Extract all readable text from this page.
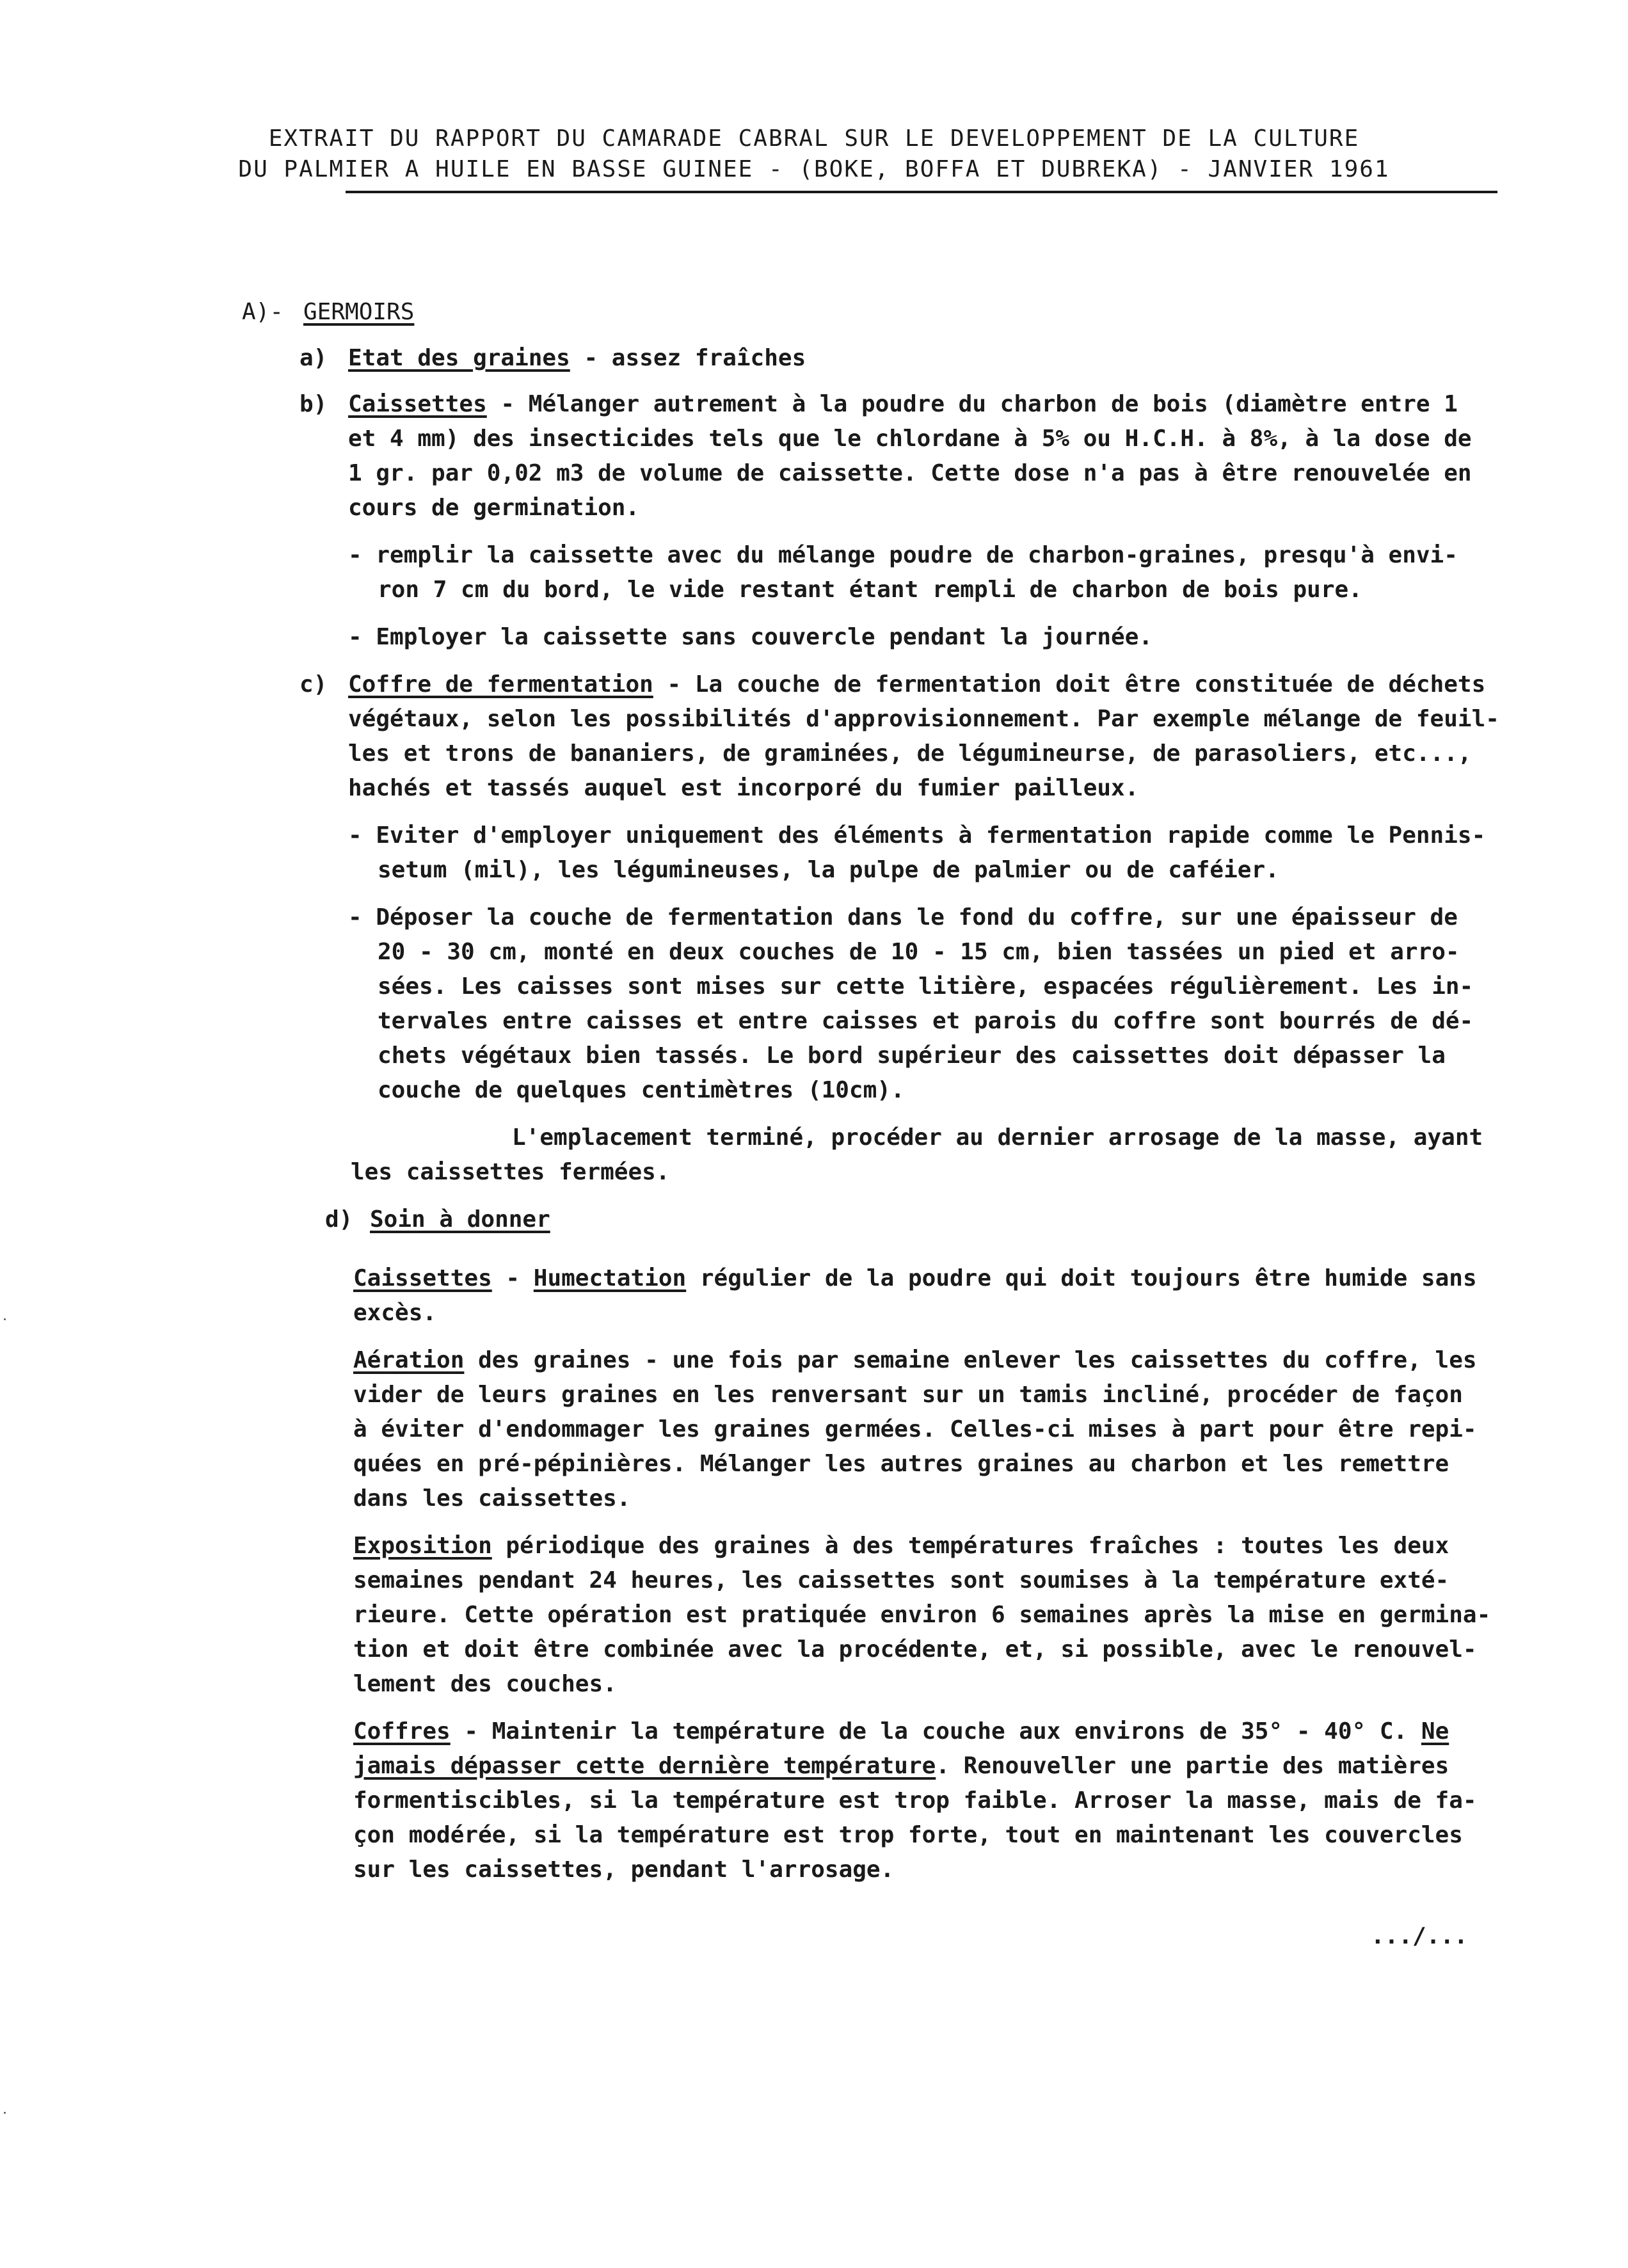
EXTRAIT DU RAPPORT DU CAMARADE CABRAL SUR LE DEVELOPPEMENT DE LA CULTURE
DU PALMIER A HUILE EN BASSE GUINEE - (BOKE, BOFFA ET DUBREKA) - JANVIER 1961
A)- GERMOIRS
a) Etat des graines - assez fraîches
b) Caissettes - Mélanger autrement à la poudre du charbon de bois (diamètre entre 1
et 4 mm) des insecticides tels que le chlordane à 5% ou H.C.H. à 8%, à la dose de
1 gr. par 0,02 m3 de volume de caissette. Cette dose n'a pas à être renouvelée en
cours de germination.
- remplir la caissette avec du mélange poudre de charbon-graines, presqu'à envi-
ron 7 cm du bord, le vide restant étant rempli de charbon de bois pure.
- Employer la caissette sans couvercle pendant la journée.
c) Coffre de fermentation - La couche de fermentation doit être constituée de déchets
végétaux, selon les possibilités d'approvisionnement. Par exemple mélange de feuil-
les et trons de bananiers, de graminées, de légumineurse, de parasoliers, etc...,
hachés et tassés auquel est incorporé du fumier pailleux.
- Eviter d'employer uniquement des éléments à fermentation rapide comme le Pennis-
setum (mil), les légumineuses, la pulpe de palmier ou de caféier.
- Déposer la couche de fermentation dans le fond du coffre, sur une épaisseur de
20 - 30 cm, monté en deux couches de 10 - 15 cm, bien tassées un pied et arro-
sées. Les caisses sont mises sur cette litière, espacées régulièrement. Les in-
tervales entre caisses et entre caisses et parois du coffre sont bourrés de dé-
chets végétaux bien tassés. Le bord supérieur des caissettes doit dépasser la
couche de quelques centimètres (10cm).
L'emplacement terminé, procéder au dernier arrosage de la masse, ayant
les caissettes fermées.
d) Soin à donner
Caissettes - Humectation régulier de la poudre qui doit toujours être humide sans
excès.
Aération des graines - une fois par semaine enlever les caissettes du coffre, les
vider de leurs graines en les renversant sur un tamis incliné, procéder de façon
à éviter d'endommager les graines germées. Celles-ci mises à part pour être repi-
quées en pré-pépinières. Mélanger les autres graines au charbon et les remettre
dans les caissettes.
Exposition périodique des graines à des températures fraîches : toutes les deux
semaines pendant 24 heures, les caissettes sont soumises à la température exté-
rieure. Cette opération est pratiquée environ 6 semaines après la mise en germina-
tion et doit être combinée avec la procédente, et, si possible, avec le renouvel-
lement des couches.
Coffres - Maintenir la température de la couche aux environs de 35° - 40° C. Ne
jamais dépasser cette dernière température. Renouveller une partie des matières
formentiscibles, si la température est trop faible. Arroser la masse, mais de fa-
çon modérée, si la température est trop forte, tout en maintenant les couvercles
sur les caissettes, pendant l'arrosage.
.../...
